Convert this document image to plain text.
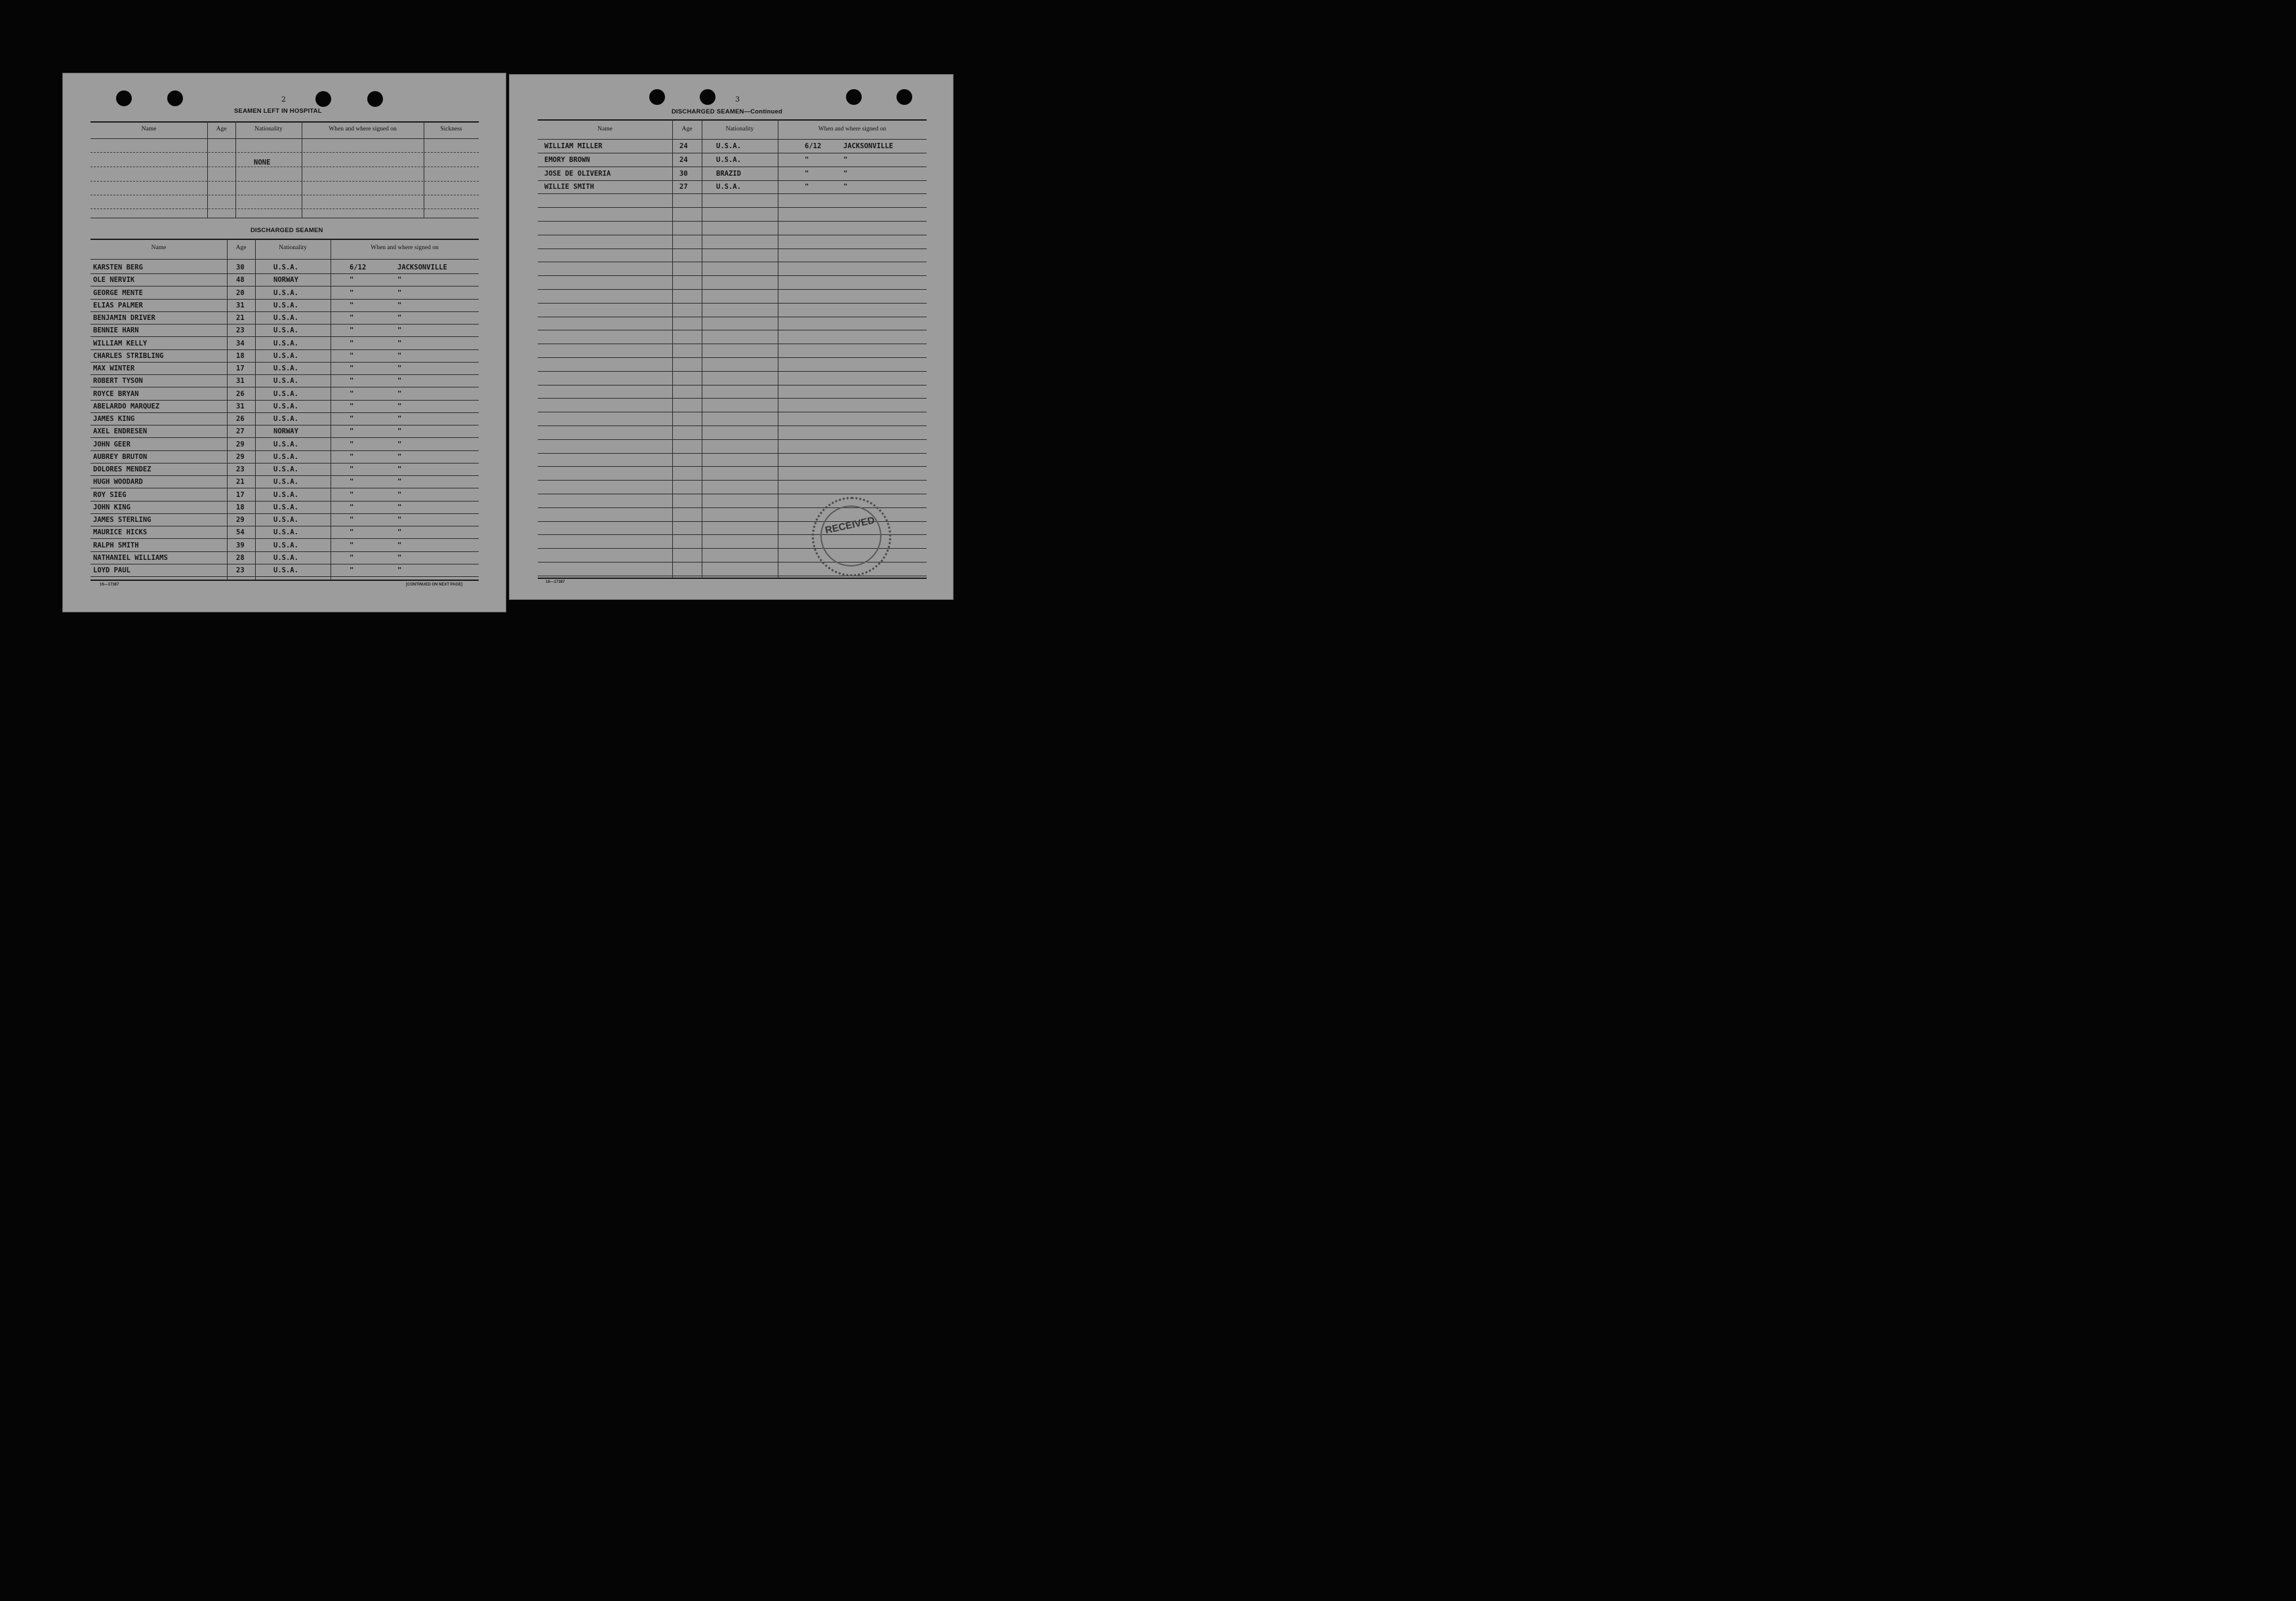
2
SEAMEN LEFT IN HOSPITAL
Name	Age	Nationality	When and where signed on	Sickness
NONE
DISCHARGED SEAMEN
Name	Age	Nationality	When and where signed on
KARSTEN BERG	30	U.S.A.	6/12	JACKSONVILLE
OLE NERVIK	48	NORWAY	"	"
GEORGE MENTE	20	U.S.A.	"	"
ELIAS PALMER	31	U.S.A.	"	"
BENJAMIN DRIVER	21	U.S.A.	"	"
BENNIE HARN	23	U.S.A.	"	"
WILLIAM KELLY	34	U.S.A.	"	"
CHARLES STRIBLING	18	U.S.A.	"	"
MAX WINTER	17	U.S.A.	"	"
ROBERT TYSON	31	U.S.A.	"	"
ROYCE BRYAN	26	U.S.A.	"	"
ABELARDO MARQUEZ	31	U.S.A.	"	"
JAMES KING	26	U.S.A.	"	"
AXEL ENDRESEN	27	NORWAY	"	"
JOHN GEER	29	U.S.A.	"	"
AUBREY BRUTON	29	U.S.A.	"	"
DOLORES MENDEZ	23	U.S.A.	"	"
HUGH WOODARD	21	U.S.A.	"	"
ROY SIEG	17	U.S.A.	"	"
JOHN KING	18	U.S.A.	"	"
JAMES STERLING	29	U.S.A.	"	"
MAURICE HICKS	54	U.S.A.	"	"
RALPH SMITH	39	U.S.A.	"	"
NATHANIEL WILLIAMS	28	U.S.A.	"	"
LOYD PAUL	23	U.S.A.	"	"
16—17387	[CONTINUED ON NEXT PAGE]
3
DISCHARGED SEAMEN—Continued
Name	Age	Nationality	When and where signed on
WILLIAM MILLER	24	U.S.A.	6/12	JACKSONVILLE
EMORY BROWN	24	U.S.A.	"	"
JOSE DE OLIVERIA	30	BRAZID	"	"
WILLIE SMITH	27	U.S.A.	"	"
16—17387
RECEIVED
